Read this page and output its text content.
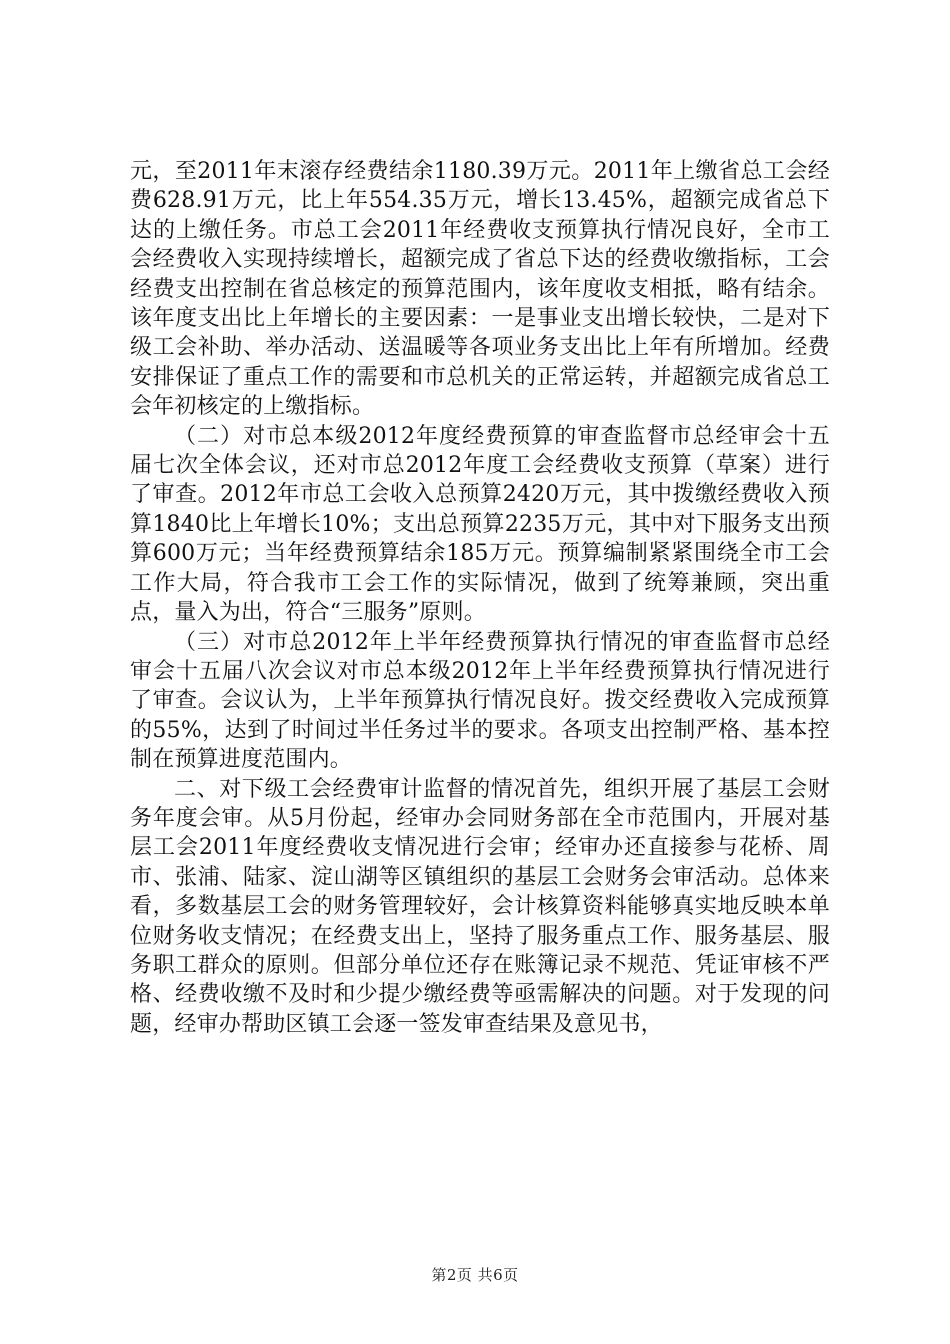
元，至2011年末滚存经费结余1180.39万元。2011年上缴省总工会经费628.91万元，比上年554.35万元，增长13.45%，超额完成省总下达的上缴任务。市总工会2011年经费收支预算执行情况良好，全市工会经费收入实现持续增长，超额完成了省总下达的经费收缴指标，工会经费支出控制在省总核定的预算范围内，该年度收支相抵，略有结余。该年度支出比上年增长的主要因素：一是事业支出增长较快，二是对下级工会补助、举办活动、送温暖等各项业务支出比上年有所增加。经费安排保证了重点工作的需要和市总机关的正常运转，并超额完成省总工会年初核定的上缴指标。

（二）对市总本级2012年度经费预算的审查监督市总经审会十五届七次全体会议，还对市总2012年度工会经费收支预算（草案）进行了审查。2012年市总工会收入总预算2420万元，其中拨缴经费收入预算1840比上年增长10%；支出总预算2235万元，其中对下服务支出预算600万元；当年经费预算结余185万元。预算编制紧紧围绕全市工会工作大局，符合我市工会工作的实际情况，做到了统筹兼顾，突出重点，量入为出，符合“三服务”原则。

（三）对市总2012年上半年经费预算执行情况的审查监督市总经审会十五届八次会议对市总本级2012年上半年经费预算执行情况进行了审查。会议认为，上半年预算执行情况良好。拨交经费收入完成预算的55%，达到了时间过半任务过半的要求。各项支出控制严格、基本控制在预算进度范围内。

二、对下级工会经费审计监督的情况首先，组织开展了基层工会财务年度会审。从5月份起，经审办会同财务部在全市范围内，开展对基层工会2011年度经费收支情况进行会审；经审办还直接参与花桥、周市、张浦、陆家、淀山湖等区镇组织的基层工会财务会审活动。总体来看，多数基层工会的财务管理较好，会计核算资料能够真实地反映本单位财务收支情况；在经费支出上，坚持了服务重点工作、服务基层、服务职工群众的原则。但部分单位还存在账簿记录不规范、凭证审核不严格、经费收缴不及时和少提少缴经费等亟需解决的问题。对于发现的问题，经审办帮助区镇工会逐一签发审查结果及意见书，

第2页 共6页
